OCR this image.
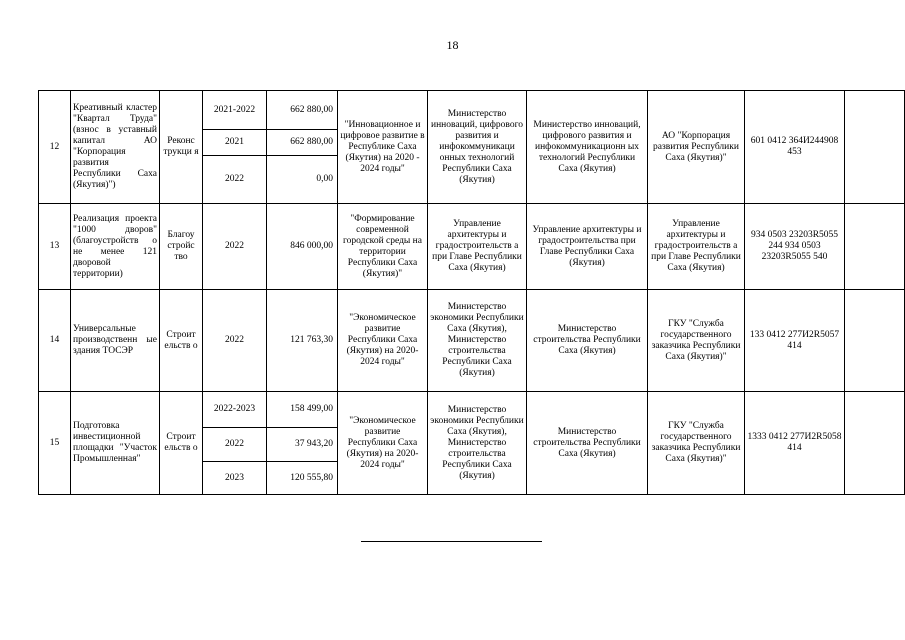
18
12	Креативный кластер "Квартал Труда" (взнос в уставный капитал АО "Корпорация развития Республики Саха (Якутия)")	Реконс трукци я	2021-2022	662 880,00	"Инновационное и цифровое развитие в Республике Саха (Якутия) на 2020 - 2024 годы"	Министерство инноваций, цифрового развития и инфокоммуникаци онных технологий Республики Саха (Якутия)	Министерство инноваций, цифрового развития и инфокоммуникационн ых технологий Республики Саха (Якутия)	АО "Корпорация развития Республики Саха (Якутия)"	601 0412 364И244908 453	
			2021	662 880,00						
			2022	0,00						
13	Реализация проекта "1000 дворов" (благоустройств о не менее 121 дворовой территории)	Благоу стройс тво	2022	846 000,00	"Формирование современной городской среды на территории Республики Саха (Якутия)"	Управление архитектуры и градостроительств а при Главе Республики Саха (Якутия)	Управление архитектуры и градостроительства при Главе Республики Саха (Якутия)	Управление архитектуры и градостроительств а при Главе Республики Саха (Якутия)	934 0503 23203R5055 244 934 0503 23203R5055 540	
14	Универсальные производственн ые здания ТОСЭР	Строит ельств о	2022	121 763,30	"Экономическое развитие Республики Саха (Якутия) на 2020-2024 годы"	Министерство экономики Республики Саха (Якутия), Министерство строительства Республики Саха (Якутия)	Министерство строительства Республики Саха (Якутия)	ГКУ "Служба государственного заказчика Республики Саха (Якутия)"	133 0412 277И2R5057 414	
15	Подготовка инвестиционной площадки "Участок Промышленная"	Строит ельств о	2022-2023	158 499,00	"Экономическое развитие Республики Саха (Якутия) на 2020-2024 годы"	Министерство экономики Республики Саха (Якутия), Министерство строительства Республики Саха (Якутия)	Министерство строительства Республики Саха (Якутия)	ГКУ "Служба государственного заказчика Республики Саха (Якутия)"	1333 0412 277И2R5058 414	
			2022	37 943,20						
			2023	120 555,80						
